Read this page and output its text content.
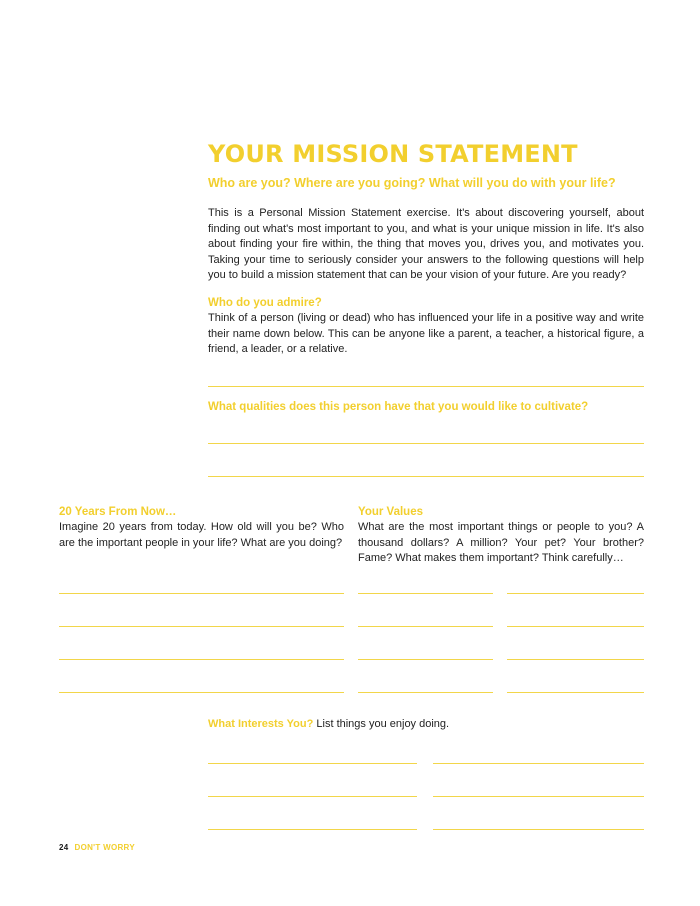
YOUR MISSION STATEMENT

Who are you? Where are you going? What will you do with your life?

This is a Personal Mission Statement exercise. It's about discovering yourself, about finding out what's most important to you, and what is your unique mission in life. It's also about finding your fire within, the thing that moves you, drives you, and motivates you. Taking your time to seriously consider your answers to the following questions will help you to build a mission statement that can be your vision of your future. Are you ready?

Who do you admire?

Think of a person (living or dead) who has influenced your life in a positive way and write their name down below. This can be anyone like a parent, a teacher, a historical figure, a friend, a leader, or a relative.

What qualities does this person have that you would like to cultivate?

20 Years From Now…

Imagine 20 years from today. How old will you be? Who are the important people in your life? What are you doing?

Your Values

What are the most important things or people to you? A thousand dollars? A million? Your pet? Your brother? Fame? What makes them important? Think carefully…

What Interests You? List things you enjoy doing.

24 DON'T WORRY
